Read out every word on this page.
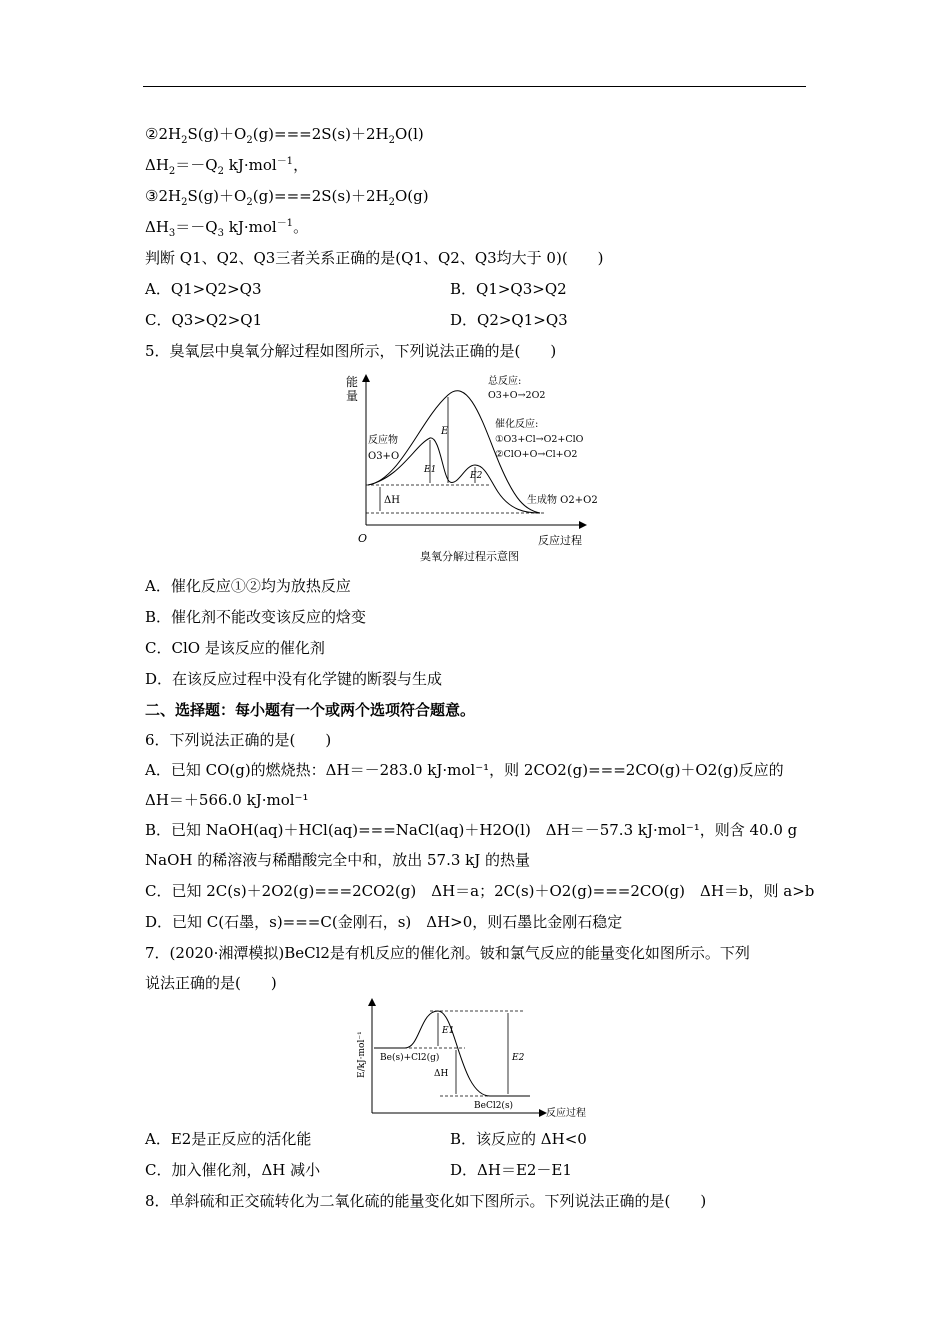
$②2H_2S(g)+O_2(g)===2S(s)+2H_2O(l)$
$\Delta H_2=-Q_2$ kJ·mol$^{-1}$，
$③2H_2S(g)+O_2(g)===2S(s)+2H_2O(g)$
$\Delta H_3=-Q_3$ kJ·mol$^{-1}$。
判断 Q1、Q2、Q3三者关系正确的是(Q1、Q2、Q3均大于 0)(　　)
A．Q1>Q2>Q3	B．Q1>Q3>Q2
C．Q3>Q2>Q1	D．Q2>Q1>Q3
5．臭氧层中臭氧分解过程如图所示，下列说法正确的是(　　)
能
量
O	反应过程
臭氧分解过程示意图
E
E1
E2
ΔH
反应物
O3+O
生成物 O2+O2
总反应:
O3+O→2O2
催化反应:
①O3+Cl→O2+ClO
②ClO+O→Cl+O2
A．催化反应①②均为放热反应
B．催化剂不能改变该反应的焓变
C．ClO 是该反应的催化剂
D．在该反应过程中没有化学键的断裂与生成
二、选择题：每小题有一个或两个选项符合题意。
6．下列说法正确的是(　　)
A．已知 CO(g)的燃烧热：ΔH＝－283.0 kJ·mol⁻¹，则 2CO2(g)===2CO(g)＋O2(g)反应的
ΔH＝＋566.0 kJ·mol⁻¹
B．已知 NaOH(aq)＋HCl(aq)===NaCl(aq)＋H2O(l)　ΔH＝－57.3 kJ·mol⁻¹，则含 40.0 g
NaOH 的稀溶液与稀醋酸完全中和，放出 57.3 kJ 的热量
C．已知 2C(s)＋2O2(g)===2CO2(g)　ΔH＝a；2C(s)＋O2(g)===2CO(g)　ΔH＝b，则 a>b
D．已知 C(石墨，s)===C(金刚石，s)　ΔH>0，则石墨比金刚石稳定
7．(2020·湘潭模拟)BeCl2是有机反应的催化剂。铍和氯气反应的能量变化如图所示。下列
说法正确的是(　　)
E/kJ·mol⁻¹
反应过程
E1
E2
ΔH
Be(s)+Cl2(g)
BeCl2(s)
A．E2是正反应的活化能	B．该反应的 ΔH<0
C．加入催化剂，ΔH 减小	D．ΔH＝E2－E1
8．单斜硫和正交硫转化为二氧化硫的能量变化如下图所示。下列说法正确的是(　　)
